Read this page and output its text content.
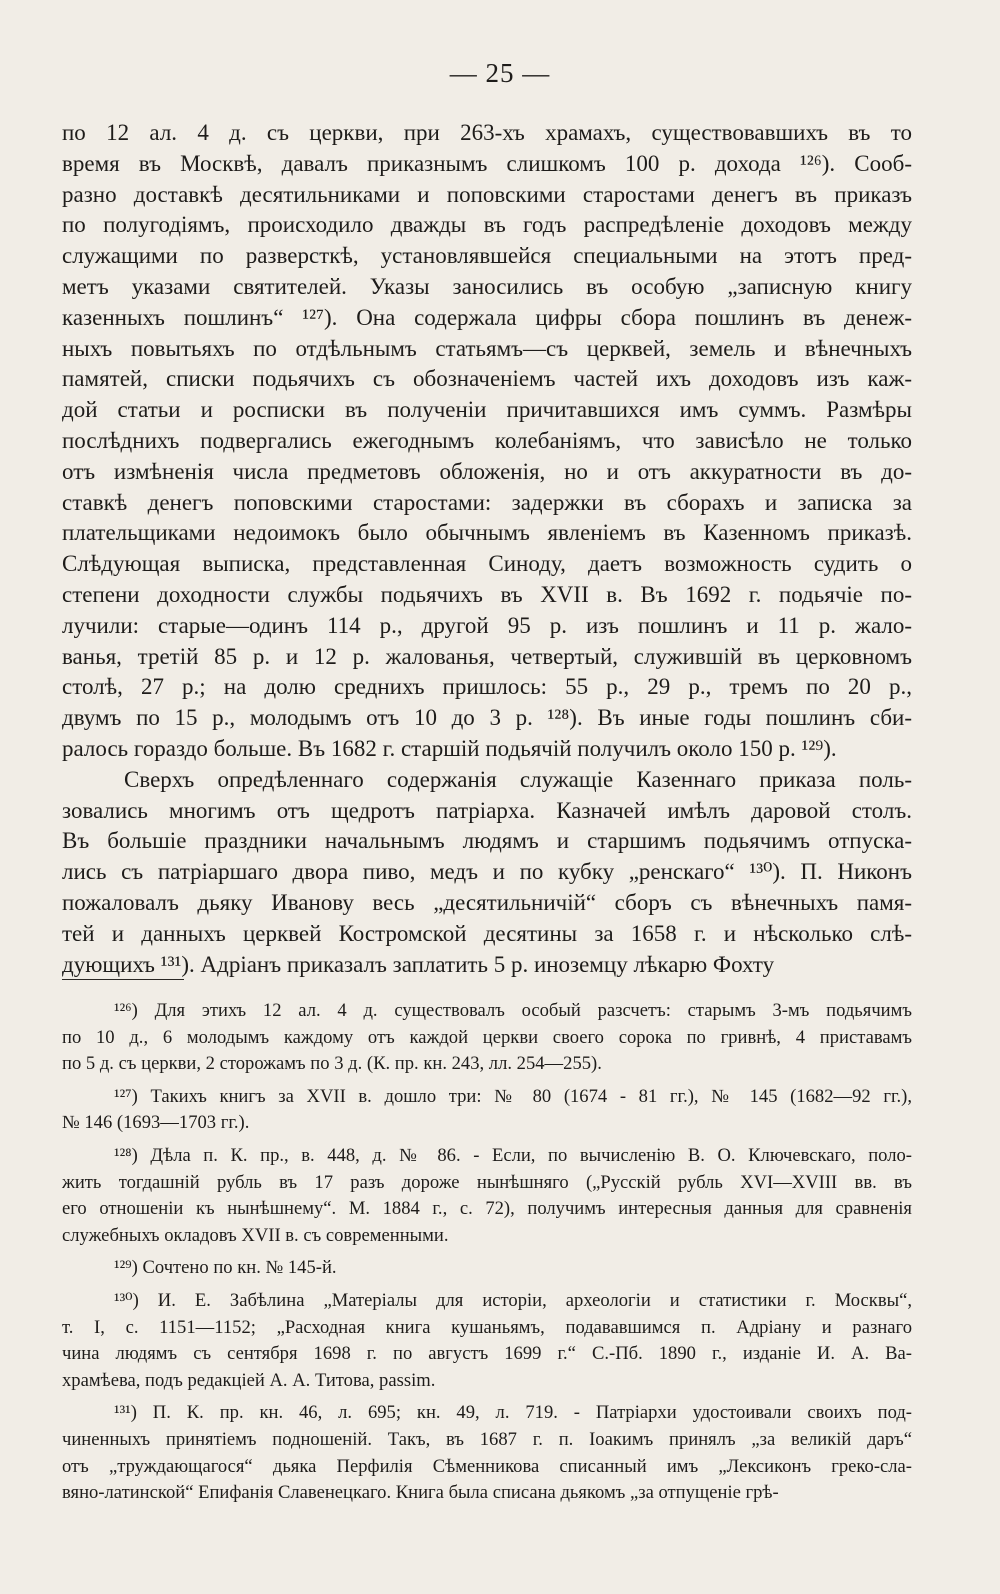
— 25 —
по 12 ал. 4 д. съ церкви, при 263-хъ храмахъ, существовавшихъ въ то
время въ Москвѣ, давалъ приказнымъ слишкомъ 100 р. дохода ¹²⁶). Сооб-
разно доставкѣ десятильниками и поповскими старостами денегъ въ приказъ
по полугодіямъ, происходило дважды въ годъ распредѣленіе доходовъ между
служащими по разверсткѣ, установлявшейся специальными на этотъ пред-
метъ указами святителей. Указы заносились въ особую „записную книгу
казенныхъ пошлинъ“ ¹²⁷). Она содержала цифры сбора пошлинъ въ денеж-
ныхъ повытьяхъ по отдѣльнымъ статьямъ—съ церквей, земель и вѣнечныхъ
памятей, списки подьячихъ съ обозначеніемъ частей ихъ доходовъ изъ каж-
дой статьи и росписки въ полученіи причитавшихся имъ суммъ. Размѣры
послѣднихъ подвергались ежегоднымъ колебаніямъ, что зависѣло не только
отъ измѣненія числа предметовъ обложенія, но и отъ аккуратности въ до-
ставкѣ денегъ поповскими старостами: задержки въ сборахъ и записка за
плательщиками недоимокъ было обычнымъ явленіемъ въ Казенномъ приказѣ.
Слѣдующая выписка, представленная Синоду, даетъ возможность судить о
степени доходности службы подьячихъ въ XVII в. Въ 1692 г. подьячіе по-
лучили: старые—одинъ 114 р., другой 95 р. изъ пошлинъ и 11 р. жало-
ванья, третій 85 р. и 12 р. жалованья, четвертый, служившій въ церковномъ
столѣ, 27 р.; на долю среднихъ пришлось: 55 р., 29 р., тремъ по 20 р.,
двумъ по 15 р., молодымъ отъ 10 до 3 р. ¹²⁸). Въ иные годы пошлинъ сби-
ралось гораздо больше. Въ 1682 г. старшій подьячій получилъ около 150 р. ¹²⁹).
Сверхъ опредѣленнаго содержанія служащіе Казеннаго приказа поль-
зовались многимъ отъ щедротъ патріарха. Казначей имѣлъ даровой столъ.
Въ большіе праздники начальнымъ людямъ и старшимъ подьячимъ отпуска-
лись съ патріаршаго двора пиво, медъ и по кубку „ренскаго“ ¹³⁰). П. Никонъ
пожаловалъ дьяку Иванову весь „десятильничій“ сборъ съ вѣнечныхъ памя-
тей и данныхъ церквей Костромской десятины за 1658 г. и нѣсколько слѣ-
дующихъ ¹³¹). Адріанъ приказалъ заплатить 5 р. иноземцу лѣкарю Фохту
¹²⁶) Для этихъ 12 ал. 4 д. существовалъ особый разсчетъ: старымъ 3-мъ подьячимъ
по 10 д., 6 молодымъ каждому отъ каждой церкви своего сорока по гривнѣ, 4 приставамъ
по 5 д. съ церкви, 2 сторожамъ по 3 д. (К. пр. кн. 243, лл. 254—255).
¹²⁷) Такихъ книгъ за XVII в. дошло три: № 80 (1674 - 81 гг.), № 145 (1682—92 гг.),
№ 146 (1693—1703 гг.).
¹²⁸) Дѣла п. К. пр., в. 448, д. № 86. - Если, по вычисленію В. О. Ключевскаго, поло-
жить тогдашній рубль въ 17 разъ дороже нынѣшняго („Русскій рубль XVI—XVIII вв. въ
его отношеніи къ нынѣшнему“. М. 1884 г., с. 72), получимъ интересныя данныя для сравненія
служебныхъ окладовъ XVII в. съ современными.
¹²⁹) Сочтено по кн. № 145-й.
¹³⁰) И. Е. Забѣлина „Матеріалы для исторіи, археологіи и статистики г. Москвы“,
т. I, с. 1151—1152; „Расходная книга кушаньямъ, подававшимся п. Адріану и разнаго
чина людямъ съ сентября 1698 г. по августъ 1699 г.“ С.-Пб. 1890 г., изданіе И. А. Ва-
храмѣева, подъ редакціей А. А. Титова, passim.
¹³¹) П. К. пр. кн. 46, л. 695; кн. 49, л. 719. - Патріархи удостоивали своихъ под-
чиненныхъ принятіемъ подношеній. Такъ, въ 1687 г. п. Іоакимъ принялъ „за великій даръ“
отъ „труждающагося“ дьяка Перфилія Сѣменникова списанный имъ „Лексиконъ греко-сла-
вяно-латинской“ Епифанія Славенецкаго. Книга была списана дьякомъ „за отпущеніе грѣ-
